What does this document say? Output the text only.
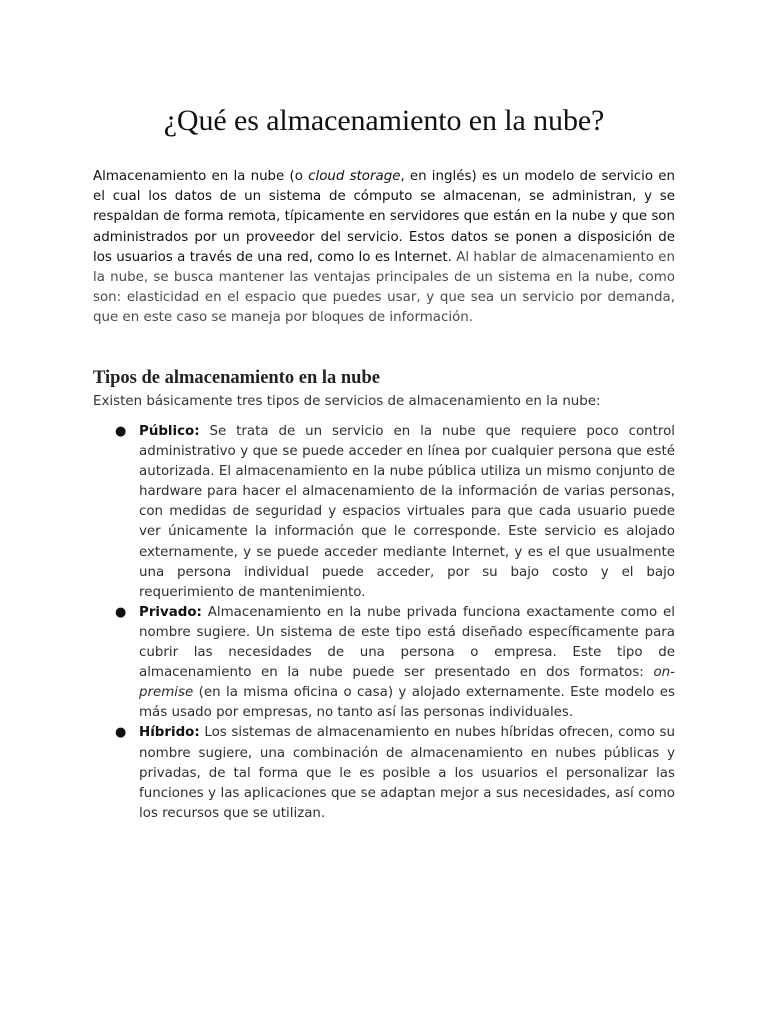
¿Qué es almacenamiento en la nube?

Almacenamiento en la nube (o cloud storage, en inglés) es un modelo de servicio en el cual los datos de un sistema de cómputo se almacenan, se administran, y se respaldan de forma remota, típicamente en servidores que están en la nube y que son administrados por un proveedor del servicio. Estos datos se ponen a disposición de los usuarios a través de una red, como lo es Internet. Al hablar de almacenamiento en la nube, se busca mantener las ventajas principales de un sistema en la nube, como son: elasticidad en el espacio que puedes usar, y que sea un servicio por demanda, que en este caso se maneja por bloques de información.

Tipos de almacenamiento en la nube

Existen básicamente tres tipos de servicios de almacenamiento en la nube:

● Público: Se trata de un servicio en la nube que requiere poco control administrativo y que se puede acceder en línea por cualquier persona que esté autorizada. El almacenamiento en la nube pública utiliza un mismo conjunto de hardware para hacer el almacenamiento de la información de varias personas, con medidas de seguridad y espacios virtuales para que cada usuario puede ver únicamente la información que le corresponde. Este servicio es alojado externamente, y se puede acceder mediante Internet, y es el que usualmente una persona individual puede acceder, por su bajo costo y el bajo requerimiento de mantenimiento.
● Privado: Almacenamiento en la nube privada funciona exactamente como el nombre sugiere. Un sistema de este tipo está diseñado específicamente para cubrir las necesidades de una persona o empresa. Este tipo de almacenamiento en la nube puede ser presentado en dos formatos: on-premise (en la misma oficina o casa) y alojado externamente. Este modelo es más usado por empresas, no tanto así las personas individuales.
● Híbrido: Los sistemas de almacenamiento en nubes híbridas ofrecen, como su nombre sugiere, una combinación de almacenamiento en nubes públicas y privadas, de tal forma que le es posible a los usuarios el personalizar las funciones y las aplicaciones que se adaptan mejor a sus necesidades, así como los recursos que se utilizan.
